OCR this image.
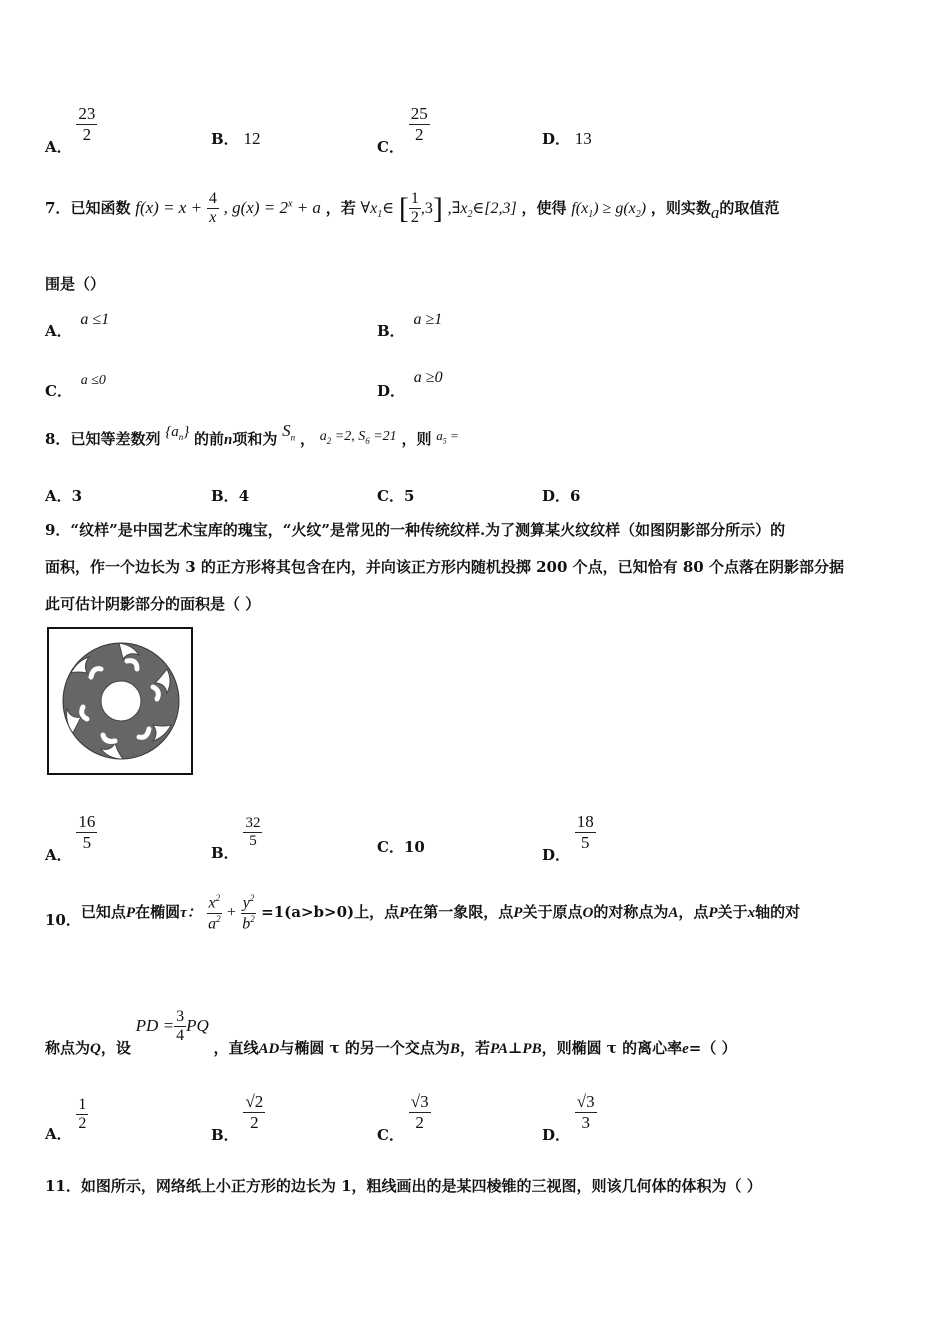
A．
$\frac{23}{2}$	B． 12	C．
$\frac{25}{2}$	D． 13
7．已知函数 $f(x) = x + \frac{4}{x}$ , $g(x) = 2^x + a$ ，若 $\forall x_1\in$ [ $\frac{1}{2} ,3$] $,\exists x_2\in[2,3]$ ，使得 $f(x_1) \ge g(x_2)$ ，则实数a的取值范
围是（）
A． a ≤1
B． a ≥1
C． a ≤0
D． a ≥0
8．已知等差数列 $\{a_n\}$ 的前n项和为 $S_n$ ， $a_2 =2$, $S_6 =21$ ，则 $a_5$ =
A．3	B．4	C．5	D．6
9．“纹样”是中国艺术宝库的瑰宝，“火纹”是常见的一种传统纹样.为了测算某火纹纹样（如图阴影部分所示）的
面积，作一个边长为 3 的正方形将其包含在内，并向该正方形内随机投掷 200 个点，已知恰有 80 个点落在阴影部分据
此可估计阴影部分的面积是（ ）
A．
$\frac{16}{5}$
B．
$\frac{32}{5}$	C．10	D．
$\frac{18}{5}$
10．已知点P在椭圆τ： $\frac{x^2}{a^2} + \frac{y^2}{b^2} =1(a>b>0)$上，点P在第一象限，点P关于原点O的对称点为A，点P关于x轴的对
称点为Q，设 PD = $\frac{3}{4}$ PQ ，直线AD与椭圆 τ 的另一个交点为B，若PA⊥PB，则椭圆 τ 的离心率e=（ ）
A．
$\frac{1}{2}$
B．
$\frac{√2}{2}$
C．
$\frac{√3}{2}$
D．
$\frac{√3}{3}$
11．如图所示，网络纸上小正方形的边长为 1，粗线画出的是某四棱锥的三视图，则该几何体的体积为（ ）
